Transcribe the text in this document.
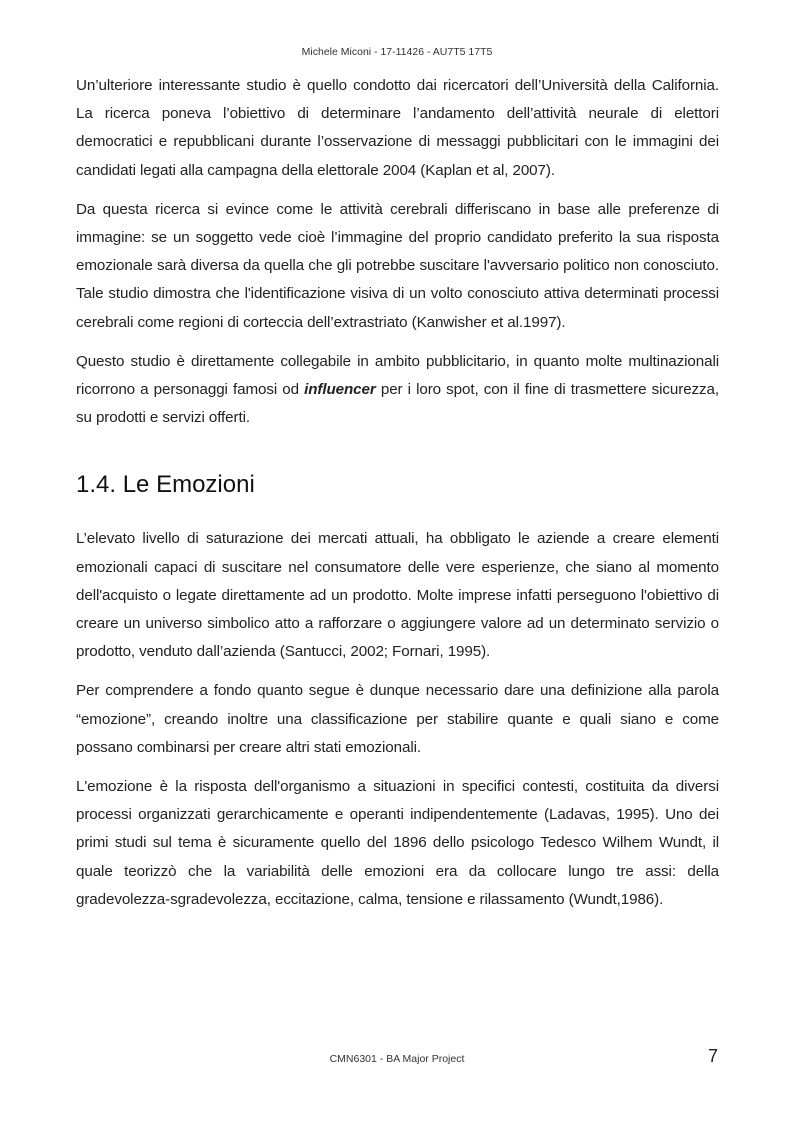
Michele Miconi - 17-11426 - AU7T5 17T5

Un’ulteriore interessante studio è quello condotto dai ricercatori dell’Università della California. La ricerca poneva l’obiettivo di determinare l’andamento dell’attività neurale di elettori democratici e repubblicani durante l’osservazione di messaggi pubblicitari con le immagini dei candidati legati alla campagna della elettorale 2004 (Kaplan et al, 2007).

Da questa ricerca si evince come le attività cerebrali differiscano in base alle preferenze di immagine: se un soggetto vede cioè l’immagine del proprio candidato preferito la sua risposta emozionale sarà diversa da quella che gli potrebbe suscitare l'avversario politico non conosciuto. Tale studio dimostra che l'identificazione visiva di un volto conosciuto attiva determinati processi cerebrali come regioni di corteccia dell’extrastriato (Kanwisher et al.1997).

Questo studio è direttamente collegabile in ambito pubblicitario, in quanto molte multinazionali ricorrono a personaggi famosi od influencer per i loro spot, con il fine di trasmettere sicurezza, su prodotti e servizi offerti.

1.4. Le Emozioni

L’elevato livello di saturazione dei mercati attuali, ha obbligato le aziende a creare elementi emozionali capaci di suscitare nel consumatore delle vere esperienze, che siano al momento dell'acquisto o legate direttamente ad un prodotto. Molte imprese infatti perseguono l'obiettivo di creare un universo simbolico atto a rafforzare o aggiungere valore ad un determinato servizio o prodotto, venduto dall’azienda (Santucci, 2002; Fornari, 1995).

Per comprendere a fondo quanto segue è dunque necessario dare una definizione alla parola “emozione”, creando inoltre una classificazione per stabilire quante e quali siano e come possano combinarsi per creare altri stati emozionali.

L'emozione è la risposta dell'organismo a situazioni in specifici contesti, costituita da diversi processi organizzati gerarchicamente e operanti indipendentemente (Ladavas, 1995). Uno dei primi studi sul tema è sicuramente quello del 1896 dello psicologo Tedesco Wilhem Wundt, il quale teorizzò che la variabilità delle emozioni era da collocare lungo tre assi: della gradevolezza-sgradevolezza, eccitazione, calma, tensione e rilassamento (Wundt,1986).

CMN6301 - BA Major Project	7
